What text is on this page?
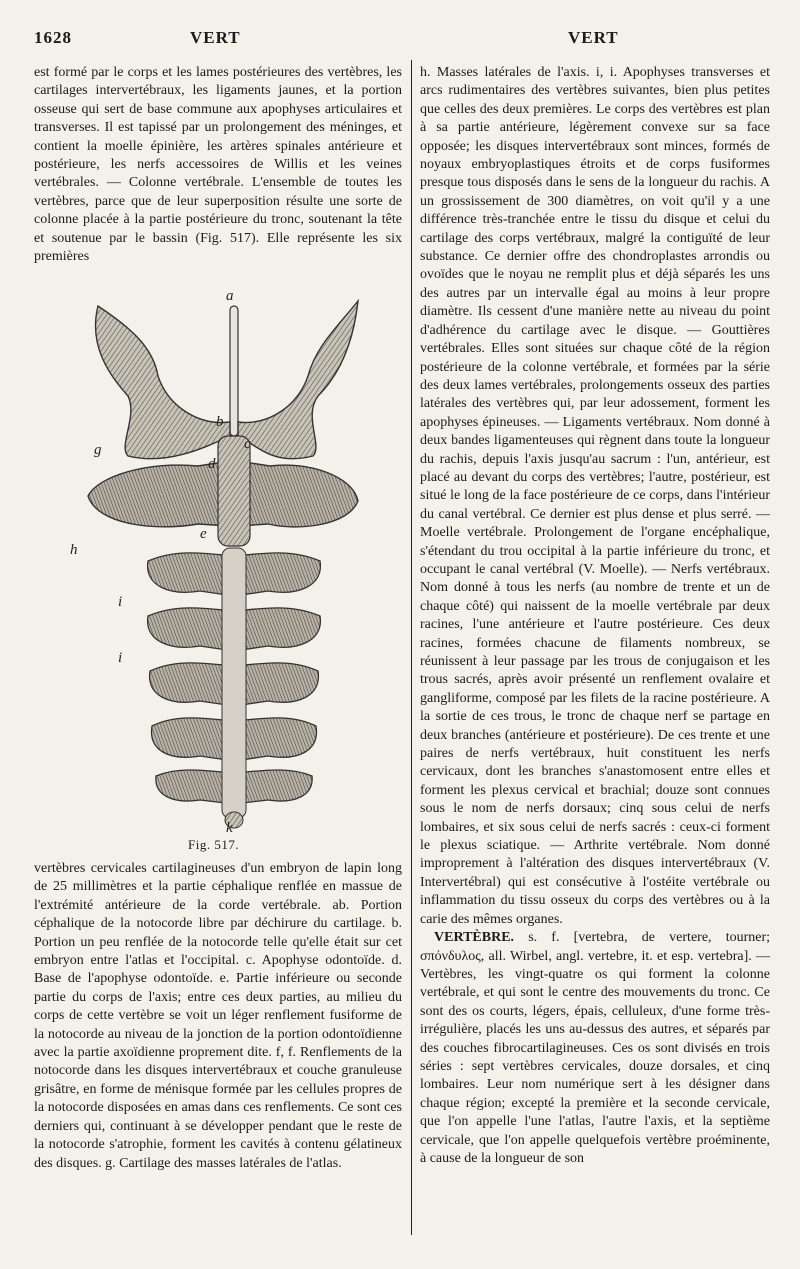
1628	VERT	VERT

est formé par le corps et les lames postérieures des vertèbres, les cartilages intervertébraux, les ligaments jaunes, et la portion osseuse qui sert de base commune aux apophyses articulaires et transverses. Il est tapissé par un prolongement des méninges, et contient la moelle épinière, les artères spinales antérieure et postérieure, les nerfs accessoires de Willis et les veines vertébrales. — Colonne vertébrale. L'ensemble de toutes les vertèbres, parce que de leur superposition résulte une sorte de colonne placée à la partie postérieure du tronc, soutenant la tête et soutenue par le bassin (Fig. 517). Elle représente les six premières

a
b
c
d
e
g
h
i
i
k
Fig. 517.

vertèbres cervicales cartilagineuses d'un embryon de lapin long de 25 millimètres et la partie céphalique renflée en massue de l'extrémité antérieure de la corde vertébrale. ab. Portion céphalique de la notocorde libre par déchirure du cartilage. b. Portion un peu renflée de la notocorde telle qu'elle était sur cet embryon entre l'atlas et l'occipital. c. Apophyse odontoïde. d. Base de l'apophyse odontoïde. e. Partie inférieure ou seconde partie du corps de l'axis; entre ces deux parties, au milieu du corps de cette vertèbre se voit un léger renflement fusiforme de la notocorde au niveau de la jonction de la portion odontoïdienne avec la partie axoïdienne proprement dite. f, f. Renflements de la notocorde dans les disques intervertébraux et couche granuleuse grisâtre, en forme de ménisque formée par les cellules propres de la notocorde disposées en amas dans ces renflements. Ce sont ces derniers qui, continuant à se développer pendant que le reste de la notocorde s'atrophie, forment les cavités à contenu gélatineux des disques. g. Cartilage des masses latérales de l'atlas.

h. Masses latérales de l'axis. i, i. Apophyses transverses et arcs rudimentaires des vertèbres suivantes, bien plus petites que celles des deux premières. Le corps des vertèbres est plan à sa partie antérieure, légèrement convexe sur sa face opposée; les disques intervertébraux sont minces, formés de noyaux embryoplastiques étroits et de corps fusiformes presque tous disposés dans le sens de la longueur du rachis. A un grossissement de 300 diamètres, on voit qu'il y a une différence très-tranchée entre le tissu du disque et celui du cartilage des corps vertébraux, malgré la contiguïté de leur substance. Ce dernier offre des chondroplastes arrondis ou ovoïdes que le noyau ne remplit plus et déjà séparés les uns des autres par un intervalle égal au moins à leur propre diamètre. Ils cessent d'une manière nette au niveau du point d'adhérence du cartilage avec le disque. — Gouttières vertébrales. Elles sont situées sur chaque côté de la région postérieure de la colonne vertébrale, et formées par la série des deux lames vertébrales, prolongements osseux des parties latérales des vertèbres qui, par leur adossement, forment les apophyses épineuses. — Ligaments vertébraux. Nom donné à deux bandes ligamenteuses qui règnent dans toute la longueur du rachis, depuis l'axis jusqu'au sacrum : l'un, antérieur, est placé au devant du corps des vertèbres; l'autre, postérieur, est situé le long de la face postérieure de ce corps, dans l'intérieur du canal vertébral. Ce dernier est plus dense et plus serré. — Moelle vertébrale. Prolongement de l'organe encéphalique, s'étendant du trou occipital à la partie inférieure du tronc, et occupant le canal vertébral (V. Moelle). — Nerfs vertébraux. Nom donné à tous les nerfs (au nombre de trente et un de chaque côté) qui naissent de la moelle vertébrale par deux racines, l'une antérieure et l'autre postérieure. Ces deux racines, formées chacune de filaments nombreux, se réunissent à leur passage par les trous de conjugaison et les trous sacrés, après avoir présenté un renflement ovalaire et gangliforme, composé par les filets de la racine postérieure. A la sortie de ces trous, le tronc de chaque nerf se partage en deux branches (antérieure et postérieure). De ces trente et une paires de nerfs vertébraux, huit constituent les nerfs cervicaux, dont les branches s'anastomosent entre elles et forment les plexus cervical et brachial; douze sont connues sous le nom de nerfs dorsaux; cinq sous celui de nerfs lombaires, et six sous celui de nerfs sacrés : ceux-ci forment le plexus sciatique. — Arthrite vertébrale. Nom donné improprement à l'altération des disques intervertébraux (V. Intervertébral) qui est consécutive à l'ostéite vertébrale ou inflammation du tissu osseux du corps des vertèbres ou à la carie des mêmes organes.

VERTÈBRE. s. f. [vertebra, de vertere, tourner; σπόνδυλος, all. Wirbel, angl. vertebre, it. et esp. vertebra]. — Vertèbres, les vingt-quatre os qui forment la colonne vertébrale, et qui sont le centre des mouvements du tronc. Ce sont des os courts, légers, épais, celluleux, d'une forme très-irrégulière, placés les uns au-dessus des autres, et séparés par des couches fibrocartilagineuses. Ces os sont divisés en trois séries : sept vertèbres cervicales, douze dorsales, et cinq lombaires. Leur nom numérique sert à les désigner dans chaque région; excepté la première et la seconde cervicale, que l'on appelle l'une l'atlas, l'autre l'axis, et la septième cervicale, que l'on appelle quelquefois vertèbre proéminente, à cause de la longueur de son
